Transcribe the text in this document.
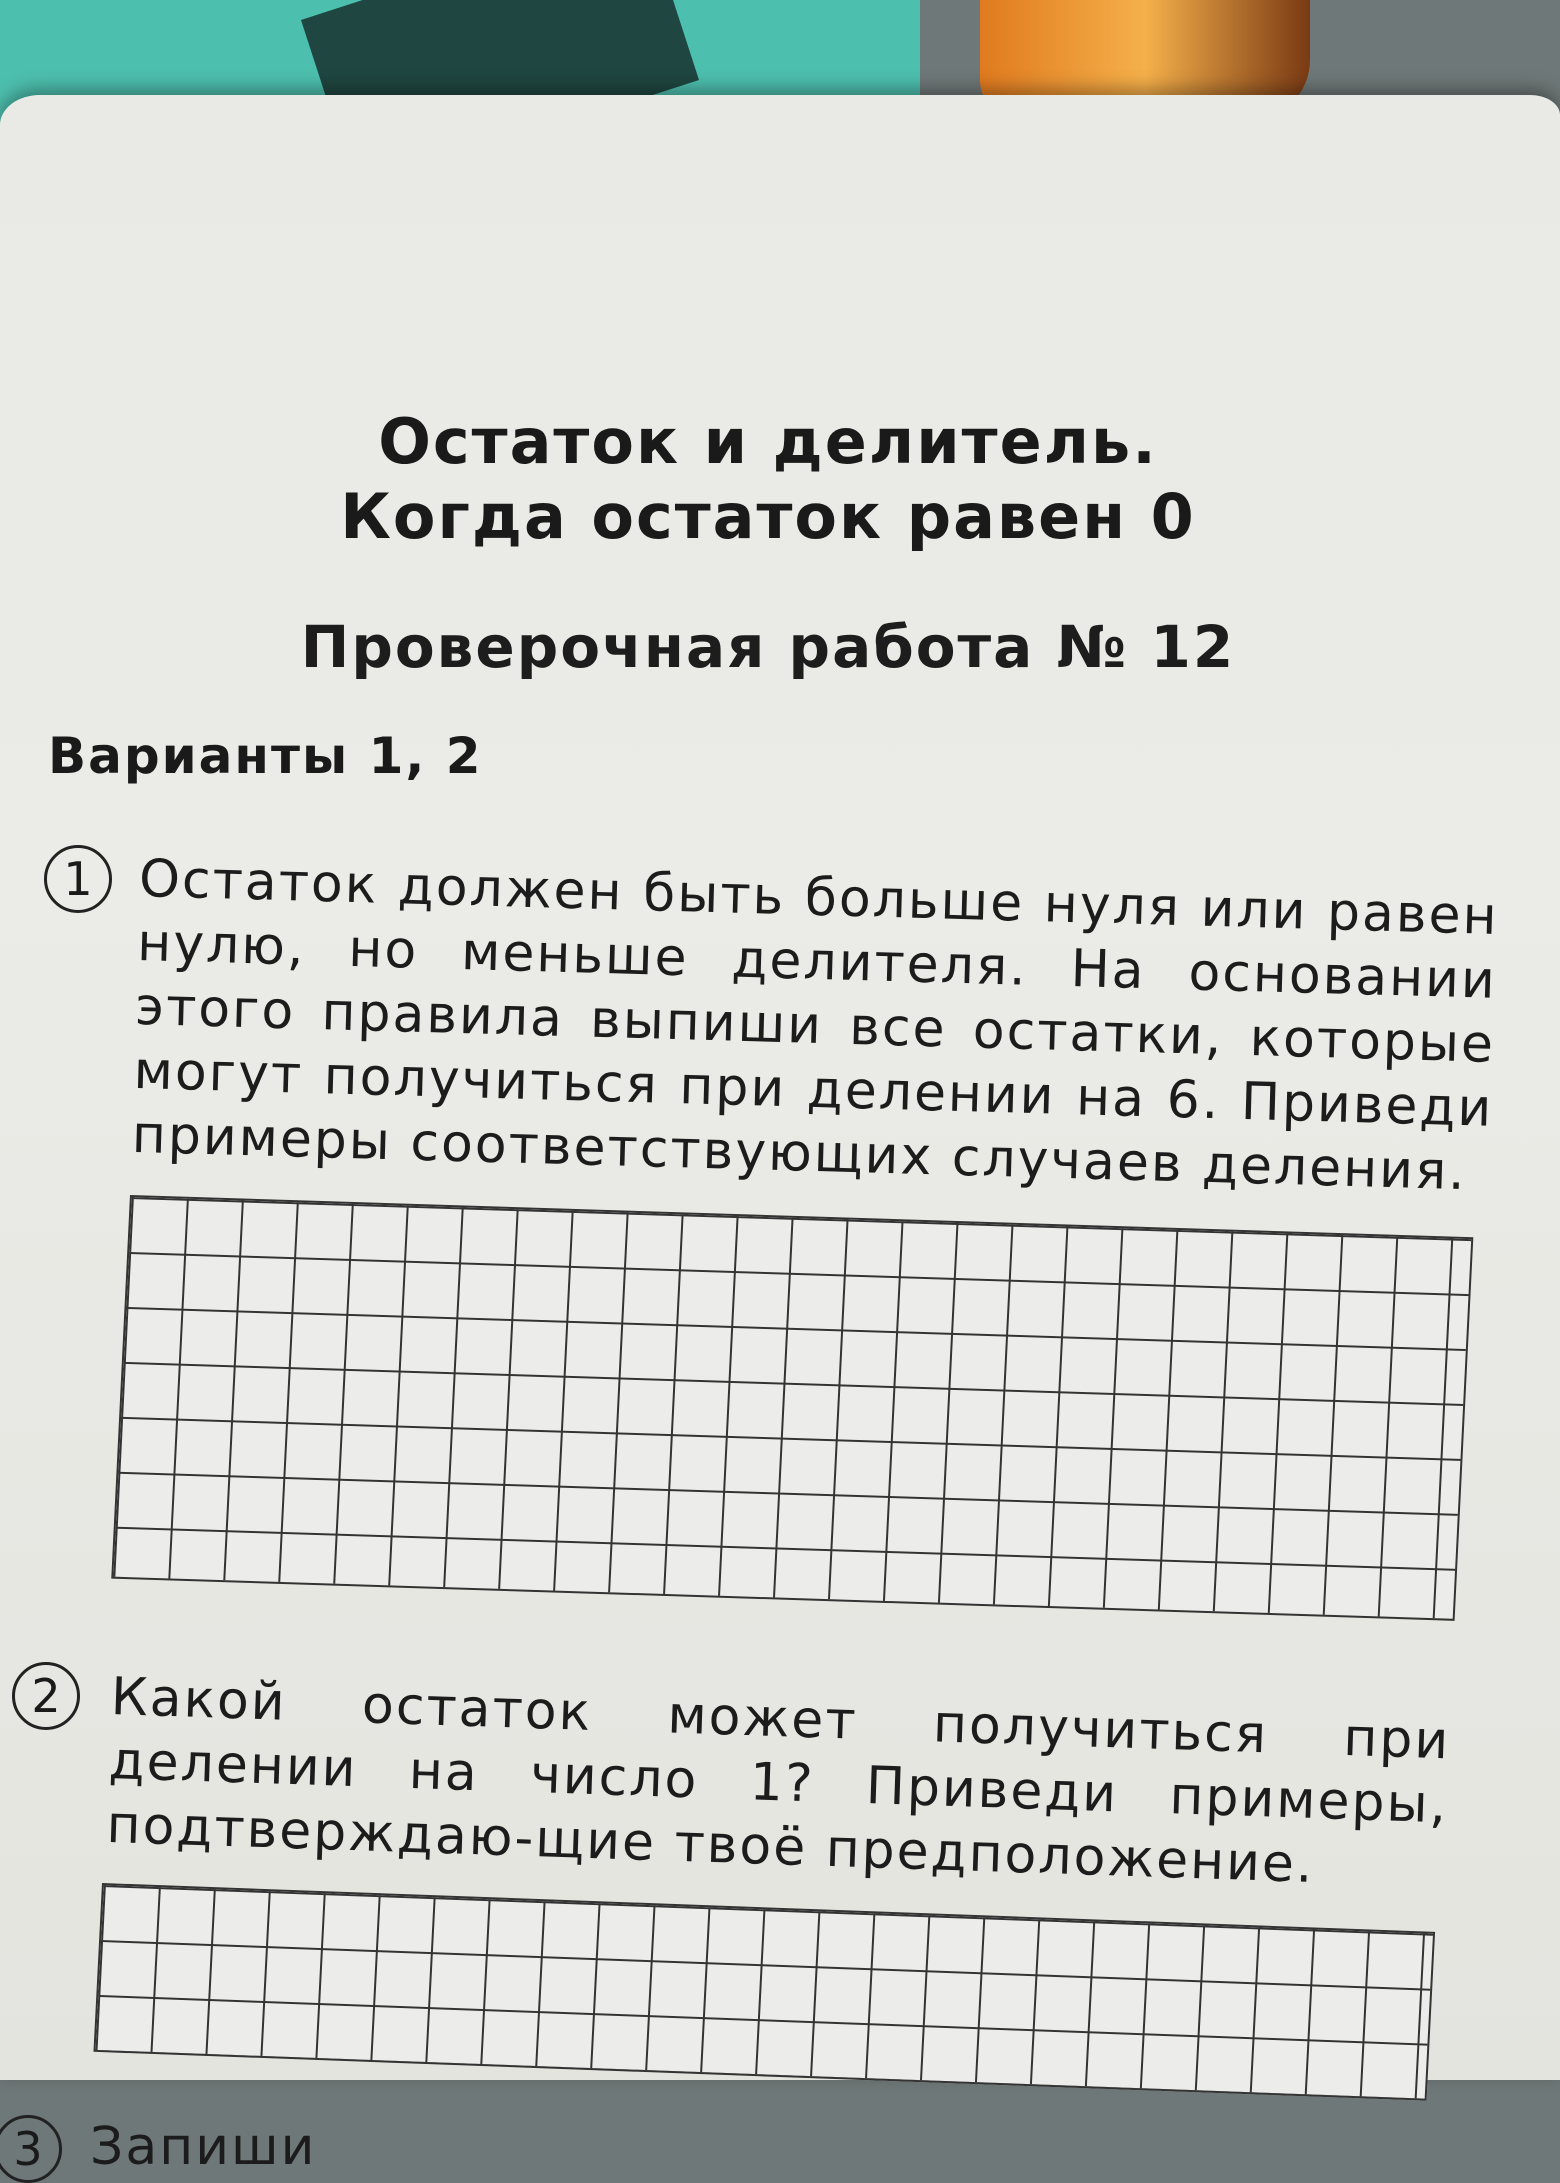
Остаток и делитель.
Когда остаток равен 0
Проверочная работа № 12
Варианты 1, 2
1 Остаток должен быть больше нуля или равен нулю, но меньше делителя. На основании этого правила выпиши все остатки, которые могут получиться при делении на 6. Приведи примеры соответствующих случаев деления.

2 Какой остаток может получиться при делении на число 1? Приведи примеры, подтверждаю-щие твоё предположение.

3 Запиши
